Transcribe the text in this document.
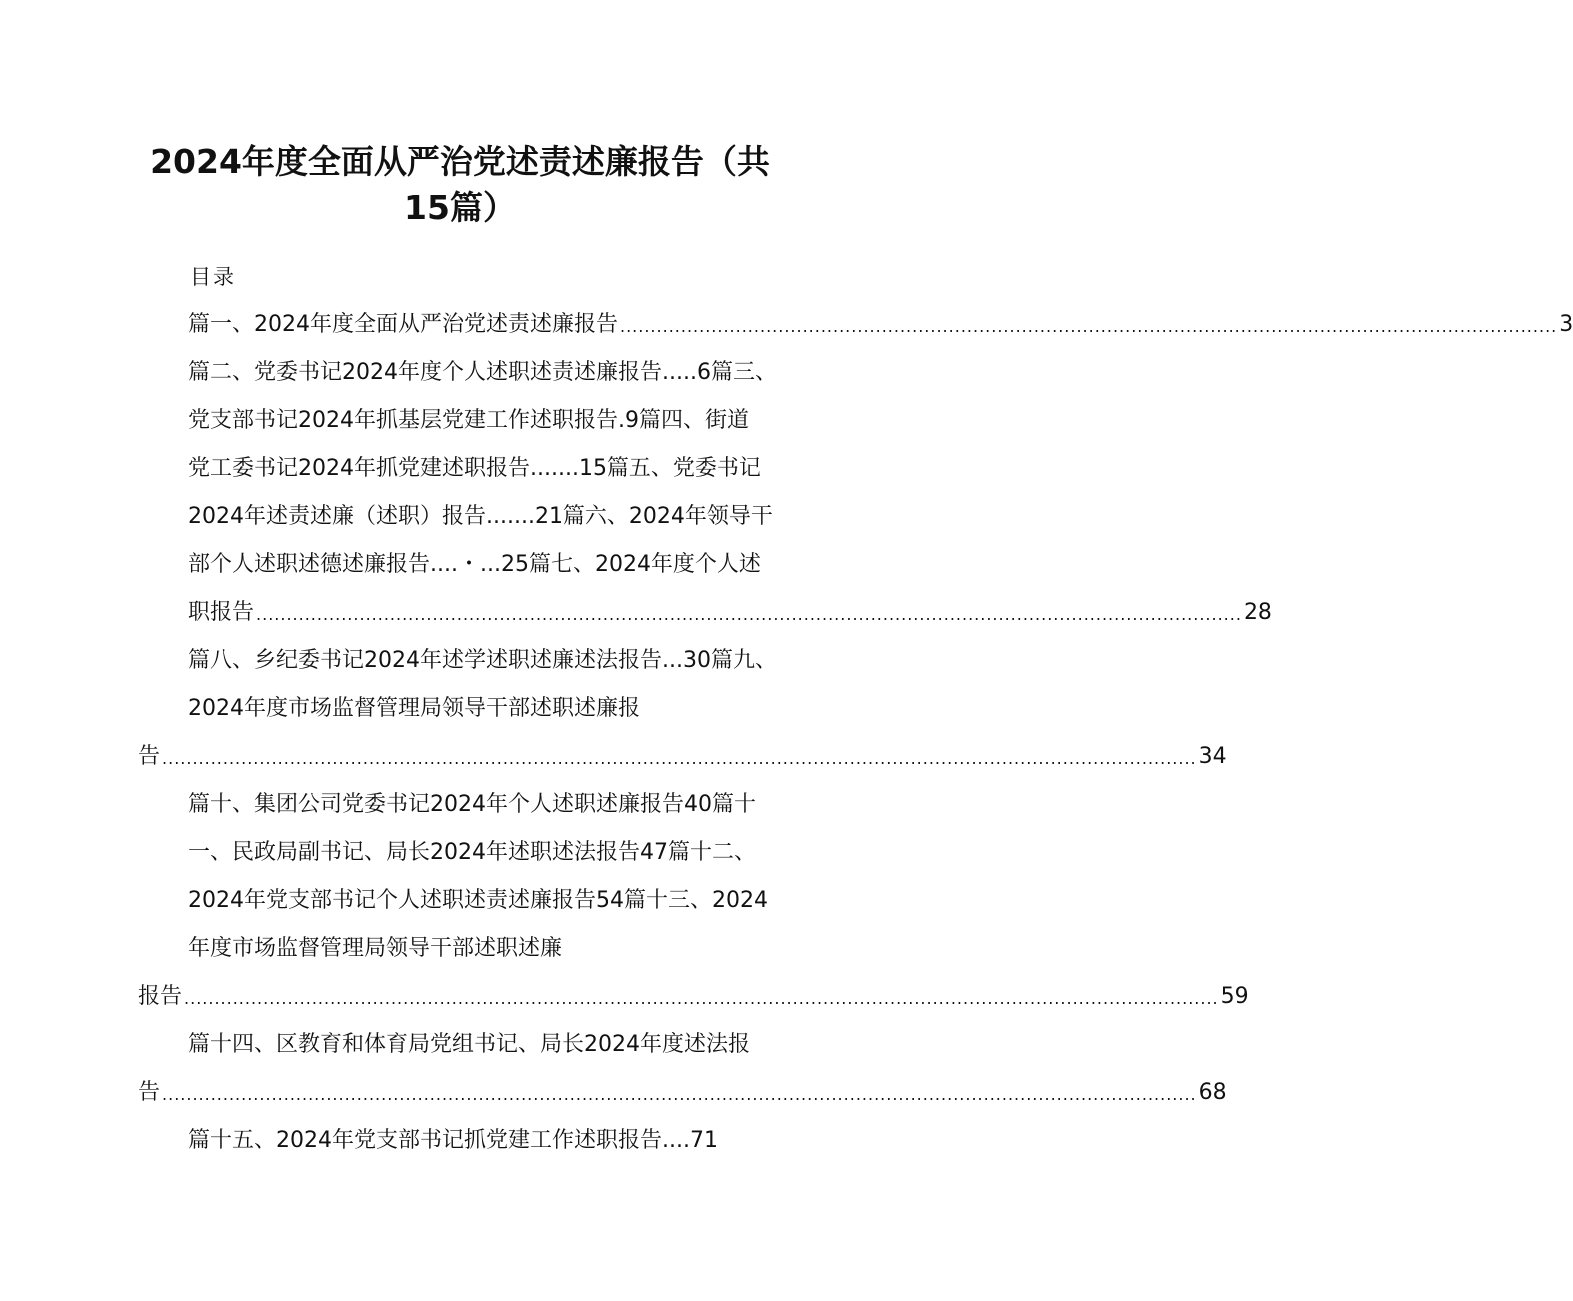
2024年度全面从严治党述责述廉报告（共
15篇）
目录
篇一、2024年度全面从严治党述责述廉报告 .......................................................................................................................................................... 3
篇二、党委书记2024年度个人述职述责述廉报告.....6篇三、
党支部书记2024年抓基层党建工作述职报告.9篇四、街道
党工委书记2024年抓党建述职报告.......15篇五、党委书记
2024年述责述廉（述职）报告.......21篇六、2024年领导干
部个人述职述德述廉报告....・...25篇七、2024年度个人述
职报告 .................................................................................................................................................................. 28
篇八、乡纪委书记2024年述学述职述廉述法报告...30篇九、
2024年度市场监督管理局领导干部述职述廉报
告 .......................................................................................................................................................................... 34
篇十、集团公司党委书记2024年个人述职述廉报告40篇十
一、民政局副书记、局长2024年述职述法报告47篇十二、
2024年党支部书记个人述职述责述廉报告54篇十三、2024
年度市场监督管理局领导干部述职述廉
报告 .......................................................................................................................................................................... 59
篇十四、区教育和体育局党组书记、局长2024年度述法报
告 .......................................................................................................................................................................... 68
篇十五、2024年党支部书记抓党建工作述职报告....71
